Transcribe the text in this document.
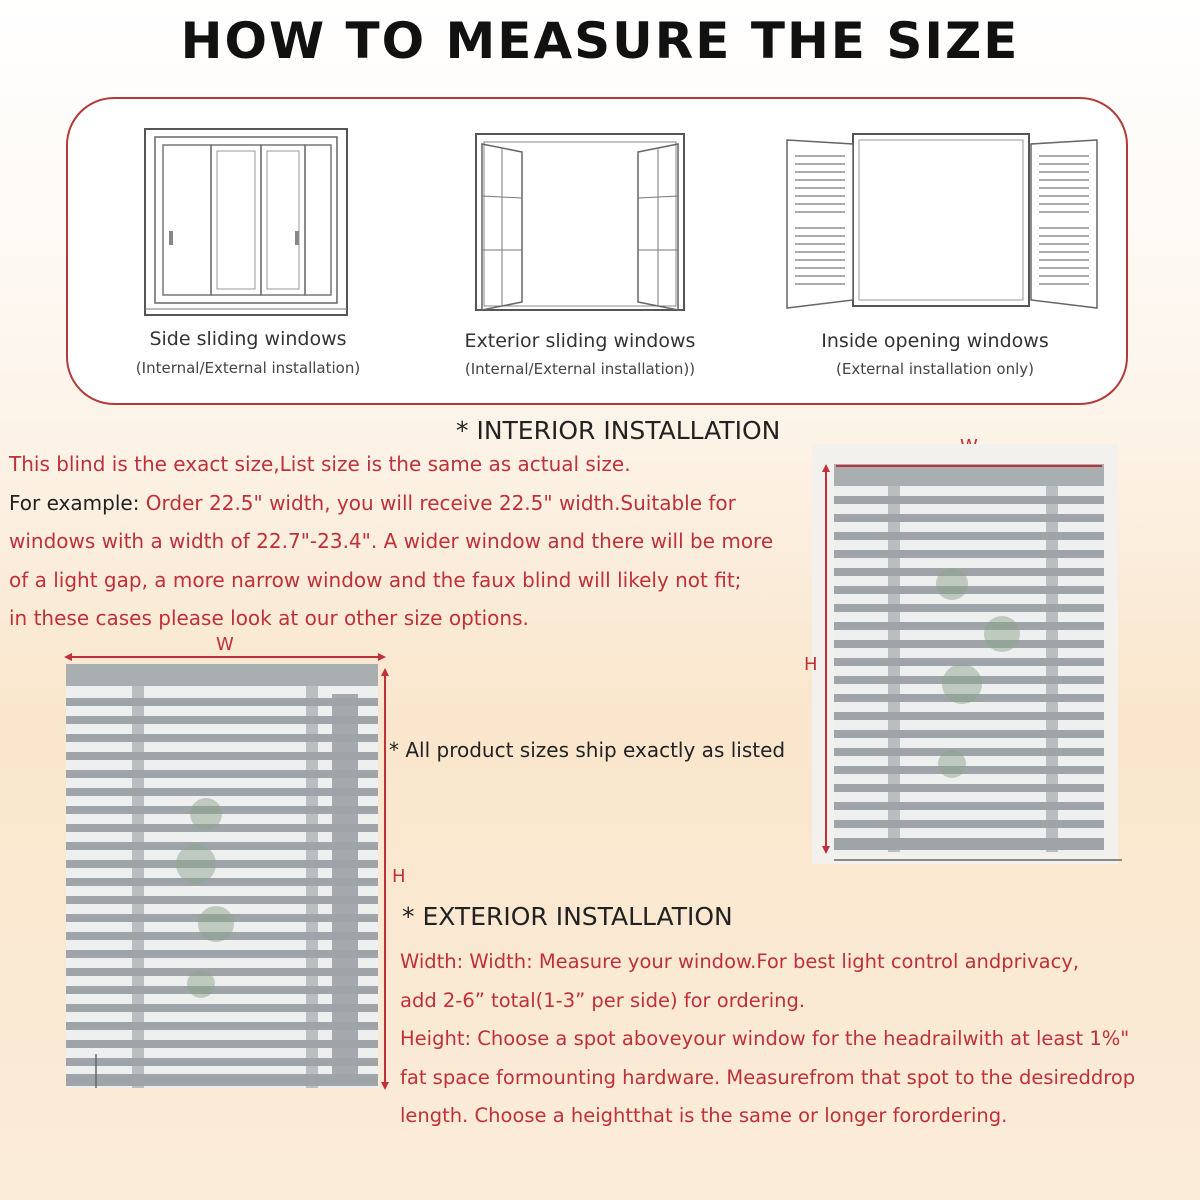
HOW TO MEASURE THE SIZE
Side sliding windows
(Internal/External installation)
Exterior sliding windows
(Internal/External installation))
Inside opening windows
(External installation only)
* INTERIOR INSTALLATION
This blind is the exact size,List size is the same as actual size.
For example: Order 22.5" width, you will receive 22.5" width.Suitable for
windows with a width of 22.7"-23.4". A wider window and there will be more
of a light gap, a more narrow window and the faux blind will likely not fit;
in these cases please look at our other size options.
W
H
H
* All product sizes ship exactly as listed
* EXTERIOR INSTALLATION
Width: Width: Measure your window.For best light control andprivacy,
add 2-6” total(1-3” per side) for ordering.
Height: Choose a spot aboveyour window for the headrailwith at least 1%"
fat space formounting hardware. Measurefrom that spot to the desireddrop
length. Choose a heightthat is the same or longer forordering.
